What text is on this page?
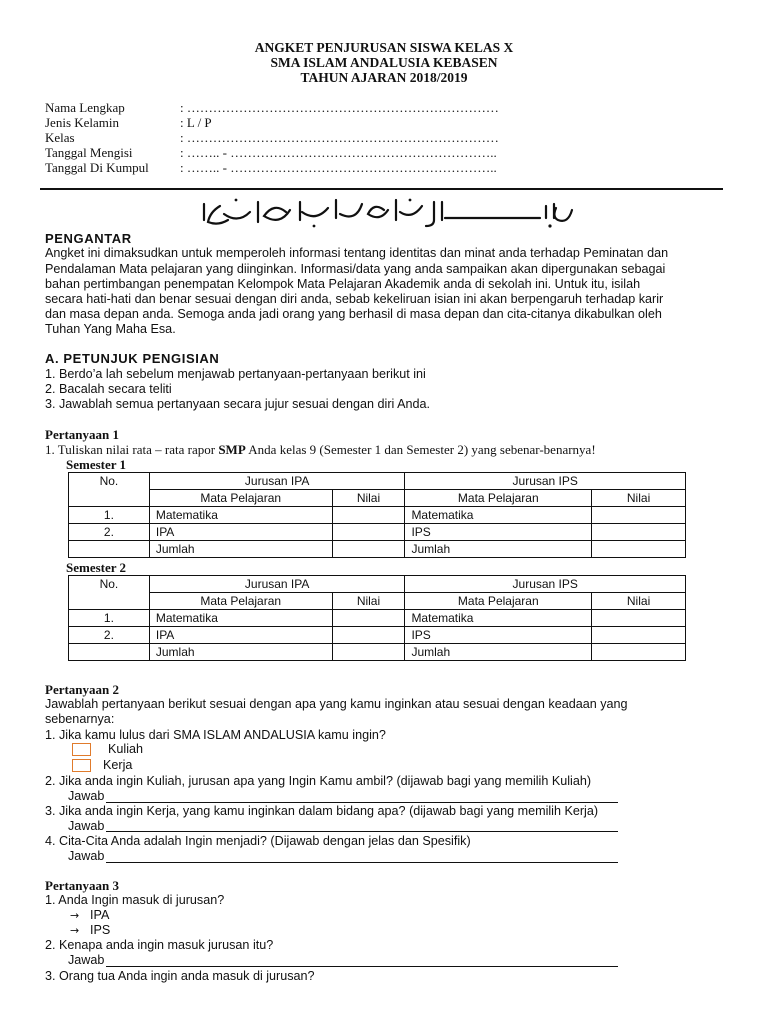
ANGKET PENJURUSAN SISWA KELAS X
SMA ISLAM ANDALUSIA KEBASEN
TAHUN AJARAN 2018/2019
Nama Lengkap	: ………………………………………………………………
Jenis Kelamin	: L / P
Kelas	: ………………………………………………………………
Tanggal Mengisi	: …….. - ……………………………………………………..
Tanggal Di Kumpul : …….. - ……………………………………………………..
PENGANTAR
Angket ini dimaksudkan untuk memperoleh informasi tentang identitas dan minat anda terhadap Peminatan dan
Pendalaman Mata pelajaran yang diinginkan. Informasi/data yang anda sampaikan akan dipergunakan sebagai
bahan pertimbangan penempatan Kelompok Mata Pelajaran Akademik anda di sekolah ini. Untuk itu, isilah
secara hati-hati dan benar sesuai dengan diri anda, sebab kekeliruan isian ini akan berpengaruh terhadap karir
dan masa depan anda. Semoga anda jadi orang yang berhasil di masa depan dan cita-citanya dikabulkan oleh
Tuhan Yang Maha Esa.
A. PETUNJUK PENGISIAN
1. Berdo’a lah sebelum menjawab pertanyaan-pertanyaan berikut ini
2. Bacalah secara teliti
3. Jawablah semua pertanyaan secara jujur sesuai dengan diri Anda.
Pertanyaan 1
1. Tuliskan nilai rata – rata rapor SMP Anda kelas 9 (Semester 1 dan Semester 2) yang sebenar-benarnya!
Semester 1
No.	Jurusan IPA		Jurusan IPS	
	Mata Pelajaran	Nilai	Mata Pelajaran	Nilai
1.	Matematika		Matematika	
2.	IPA		IPS	
	Jumlah		Jumlah	
Semester 2
No.	Jurusan IPA		Jurusan IPS	
	Mata Pelajaran	Nilai	Mata Pelajaran	Nilai
1.	Matematika		Matematika	
2.	IPA		IPS	
	Jumlah		Jumlah	
Pertanyaan 2
Jawablah pertanyaan berikut sesuai dengan apa yang kamu inginkan atau sesuai dengan keadaan yang
sebenarnya:
1. Jika kamu lulus dari SMA ISLAM ANDALUSIA kamu ingin?
Kuliah
Kerja
2. Jika anda ingin Kuliah, jurusan apa yang Ingin Kamu ambil? (dijawab bagi yang memilih Kuliah)
Jawab
3. Jika anda ingin Kerja, yang kamu inginkan dalam bidang apa? (dijawab bagi yang memilih Kerja)
Jawab
4. Cita-Cita Anda adalah Ingin menjadi? (Dijawab dengan jelas dan Spesifik)
Jawab
Pertanyaan 3
1. Anda Ingin masuk di jurusan?
→ IPA
→ IPS
2. Kenapa anda ingin masuk jurusan itu?
Jawab
3. Orang tua Anda ingin anda masuk di jurusan?
